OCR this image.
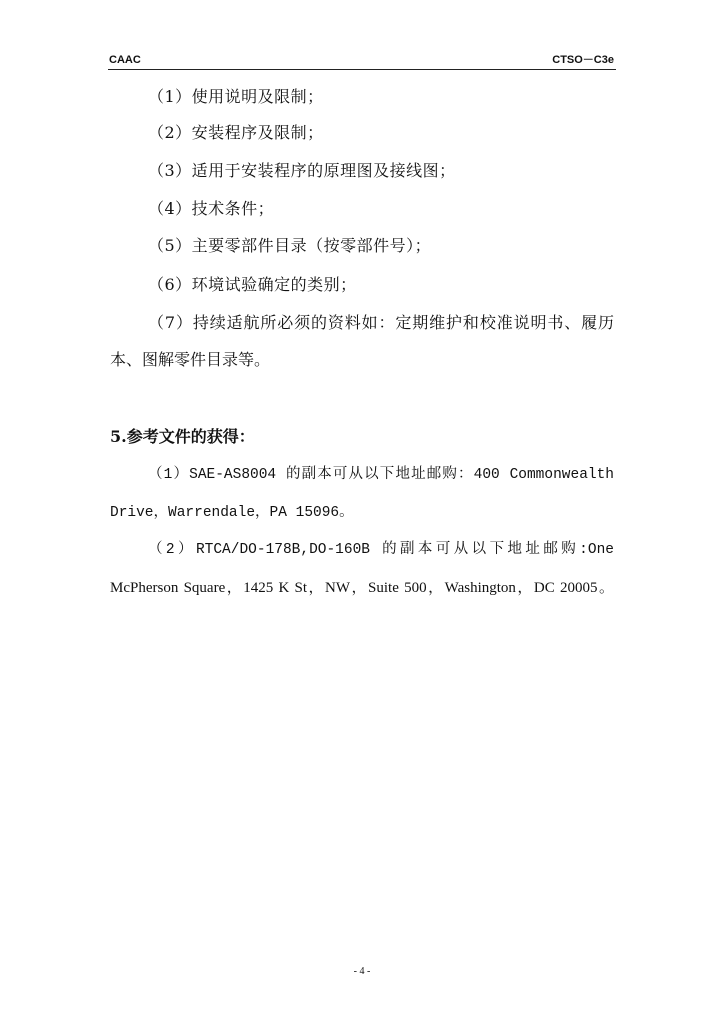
CAAC	CTSO－C3e
（1）使用说明及限制；
（2）安装程序及限制；
（3）适用于安装程序的原理图及接线图；
（4）技术条件；
（5）主要零部件目录（按零部件号）；
（6）环境试验确定的类别；
（7）持续适航所必须的资料如：定期维护和校准说明书、履历
本、图解零件目录等。
5.参考文件的获得：
（1）SAE-AS8004 的副本可从以下地址邮购：400 Commonwealth
Drive，Warrendale，PA 15096。
（2）RTCA/DO-178B,DO-160B 的副本可从以下地址邮购:One
McPherson Square，1425 K St，NW，Suite 500，Washington，DC 20005。
- 4 -
